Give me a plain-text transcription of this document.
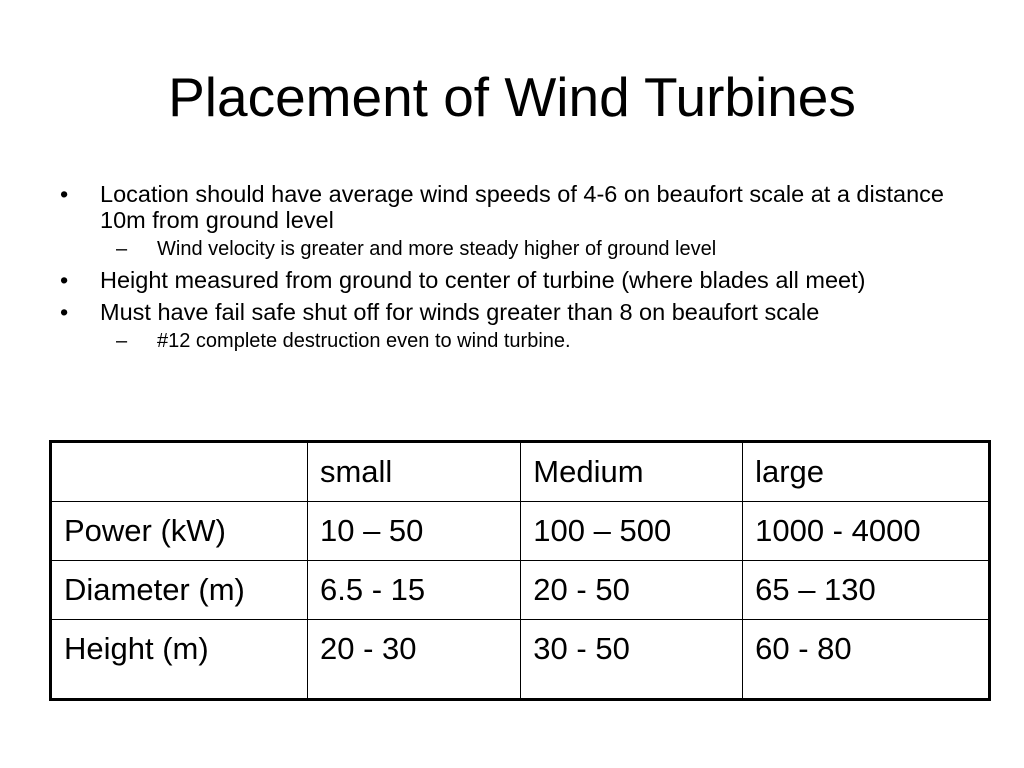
Placement of Wind Turbines
• Location should have average wind speeds of 4-6 on beaufort scale at a distance 10m from ground level
– Wind velocity is greater and more steady higher of ground level
• Height measured from ground to center of turbine (where blades all meet)
• Must have fail safe shut off for winds greater than 8 on beaufort scale
– #12 complete destruction even to wind turbine.
	small	Medium	large
Power (kW)	10 – 50	100 – 500	1000 - 4000
Diameter (m)	6.5 - 15	20 - 50	65 – 130
Height (m)	20 - 30	30 - 50	60 - 80
